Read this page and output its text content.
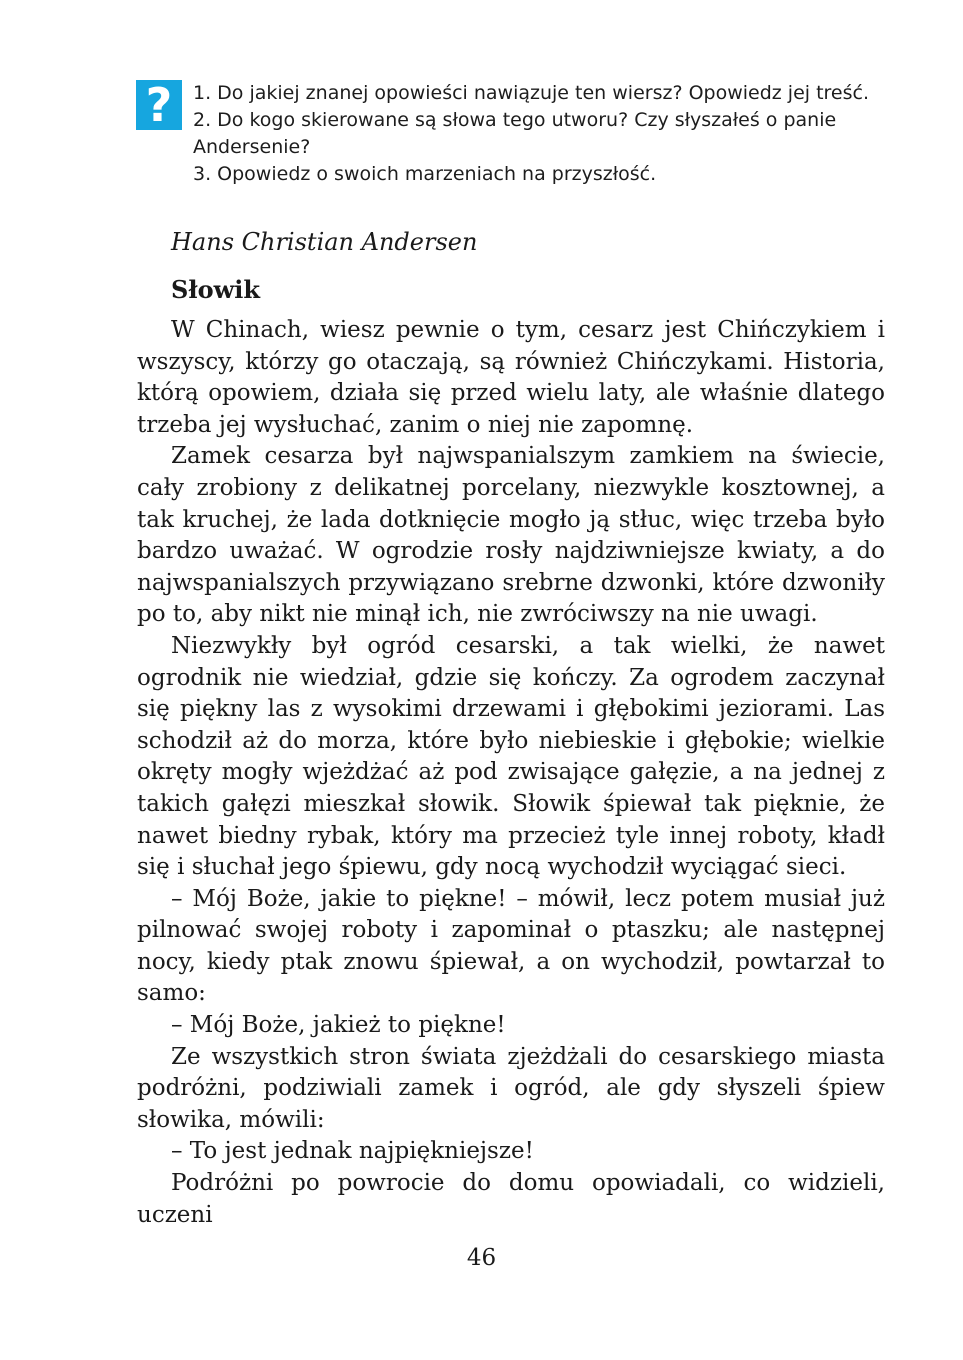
?	1. Do jakiej znanej opowieści nawiązuje ten wiersz? Opowiedz jej treść.
2. Do kogo skierowane są słowa tego utworu? Czy słyszałeś o panie Andersenie?
3. Opowiedz o swoich marzeniach na przyszłość.
Hans Christian Andersen
Słowik

W Chinach, wiesz pewnie o tym, cesarz jest Chińczykiem i wszyscy, którzy go otaczają, są również Chińczykami. Historia, którą opowiem, działa się przed wielu laty, ale właśnie dlatego trzeba jej wysłuchać, zanim o niej nie zapomnę.

Zamek cesarza był najwspanialszym zamkiem na świecie, cały zrobiony z delikatnej porcelany, niezwykle kosztownej, a tak kruchej, że lada dotknięcie mogło ją stłuc, więc trzeba było bardzo uważać. W ogrodzie rosły najdziwniejsze kwiaty, a do najwspanialszych przywiązano srebrne dzwonki, które dzwoniły po to, aby nikt nie minął ich, nie zwróciwszy na nie uwagi.

Niezwykły był ogród cesarski, a tak wielki, że nawet ogrodnik nie wiedział, gdzie się kończy. Za ogrodem zaczynał się piękny las z wysokimi drzewami i głębokimi jeziorami. Las schodził aż do morza, które było niebieskie i głębokie; wielkie okręty mogły wjeżdżać aż pod zwisające gałęzie, a na jednej z takich gałęzi mieszkał słowik. Słowik śpiewał tak pięknie, że nawet biedny rybak, który ma przecież tyle innej roboty, kładł się i słuchał jego śpiewu, gdy nocą wychodził wyciągać sieci.

– Mój Boże, jakie to piękne! – mówił, lecz potem musiał już pilnować swojej roboty i zapominał o ptaszku; ale następnej nocy, kiedy ptak znowu śpiewał, a on wychodził, powtarzał to samo:

– Mój Boże, jakież to piękne!

Ze wszystkich stron świata zjeżdżali do cesarskiego miasta podróżni, podziwiali zamek i ogród, ale gdy słyszeli śpiew słowika, mówili:

– To jest jednak najpiękniejsze!

Podróżni po powrocie do domu opowiadali, co widzieli, uczeni

46
